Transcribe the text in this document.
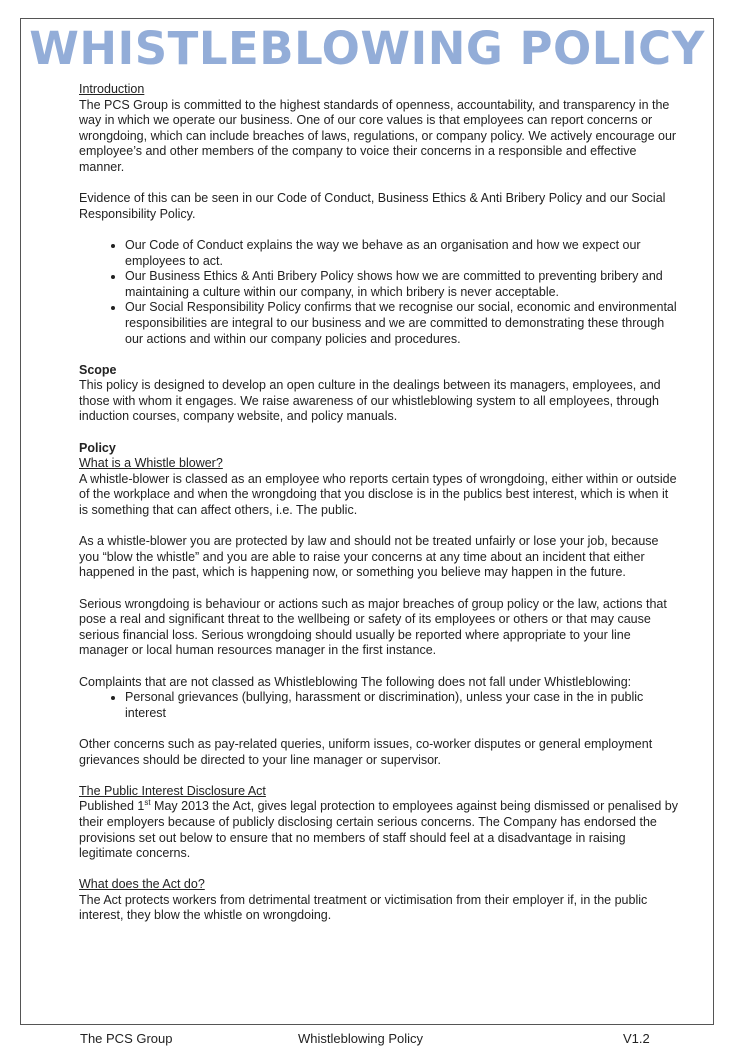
WHISTLEBLOWING POLICY

Introduction

The PCS Group is committed to the highest standards of openness, accountability, and transparency in the way in which we operate our business. One of our core values is that employees can report concerns or wrongdoing, which can include breaches of laws, regulations, or company policy. We actively encourage our employee’s and other members of the company to voice their concerns in a responsible and effective manner.

Evidence of this can be seen in our Code of Conduct, Business Ethics & Anti Bribery Policy and our Social Responsibility Policy.

• Our Code of Conduct explains the way we behave as an organisation and how we expect our employees to act.
• Our Business Ethics & Anti Bribery Policy shows how we are committed to preventing bribery and maintaining a culture within our company, in which bribery is never acceptable.
• Our Social Responsibility Policy confirms that we recognise our social, economic and environmental responsibilities are integral to our business and we are committed to demonstrating these through our actions and within our company policies and procedures.

Scope

This policy is designed to develop an open culture in the dealings between its managers, employees, and those with whom it engages. We raise awareness of our whistleblowing system to all employees, through induction courses, company website, and policy manuals.

Policy

What is a Whistle blower?

A whistle-blower is classed as an employee who reports certain types of wrongdoing, either within or outside of the workplace and when the wrongdoing that you disclose is in the publics best interest, which is when it is something that can affect others, i.e. The public.

As a whistle-blower you are protected by law and should not be treated unfairly or lose your job, because you “blow the whistle” and you are able to raise your concerns at any time about an incident that either happened in the past, which is happening now, or something you believe may happen in the future.

Serious wrongdoing is behaviour or actions such as major breaches of group policy or the law, actions that pose a real and significant threat to the wellbeing or safety of its employees or others or that may cause serious financial loss. Serious wrongdoing should usually be reported where appropriate to your line manager or local human resources manager in the first instance.

Complaints that are not classed as Whistleblowing The following does not fall under Whistleblowing:

• Personal grievances (bullying, harassment or discrimination), unless your case in the in public interest

Other concerns such as pay-related queries, uniform issues, co-worker disputes or general employment grievances should be directed to your line manager or supervisor.

The Public Interest Disclosure Act

Published 1st May 2013 the Act, gives legal protection to employees against being dismissed or penalised by their employers because of publicly disclosing certain serious concerns. The Company has endorsed the provisions set out below to ensure that no members of staff should feel at a disadvantage in raising legitimate concerns.

What does the Act do?

The Act protects workers from detrimental treatment or victimisation from their employer if, in the public interest, they blow the whistle on wrongdoing.

The PCS Group	Whistleblowing Policy	V1.2
